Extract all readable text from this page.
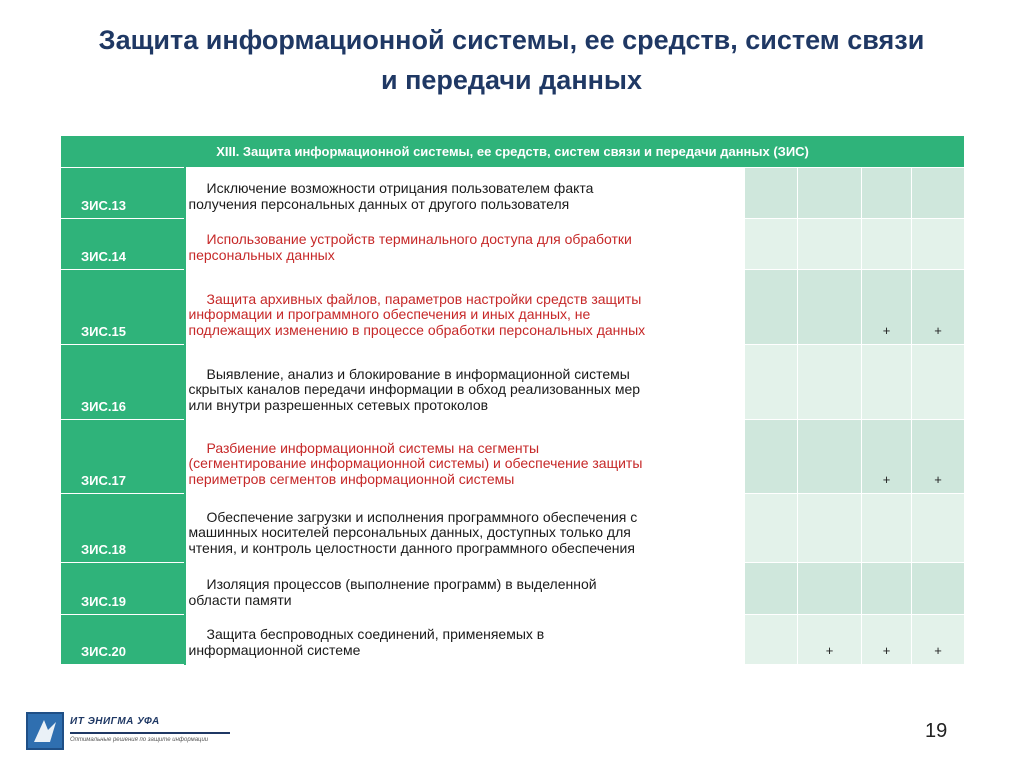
Защита информационной системы, ее средств, систем связи
и передачи данных
XIII. Защита информационной системы, ее средств, систем связи и передачи данных (ЗИС)					
ЗИС.13	Исключение возможности отрицания пользователем факта
получения персональных данных от другого пользователя				

ЗИС.14	Использование устройств терминального доступа для обработки
персональных данных				

ЗИС.15	Защита архивных файлов, параметров настройки средств защиты
информации и программного обеспечения и иных данных, не
подлежащих изменению в процессе обработки персональных данных			+	+
ЗИС.16	Выявление, анализ и блокирование в информационной системы
скрытых каналов передачи информации в обход реализованных мер
или внутри разрешенных сетевых протоколов				

ЗИС.17	Разбиение информационной системы на сегменты
(сегментирование информационной системы) и обеспечение защиты
периметров сегментов информационной системы			+	+
ЗИС.18	Обеспечение загрузки и исполнения программного обеспечения с
машинных носителей персональных данных, доступных только для
чтения, и контроль целостности данного программного обеспечения				

ЗИС.19	Изоляция процессов (выполнение программ) в выделенной
области памяти				

ЗИС.20	Защита беспроводных соединений, применяемых в
информационной системе		+	+	+
ИТ ЭНИГМА УФА
Оптимальные решения по защите информации	19
